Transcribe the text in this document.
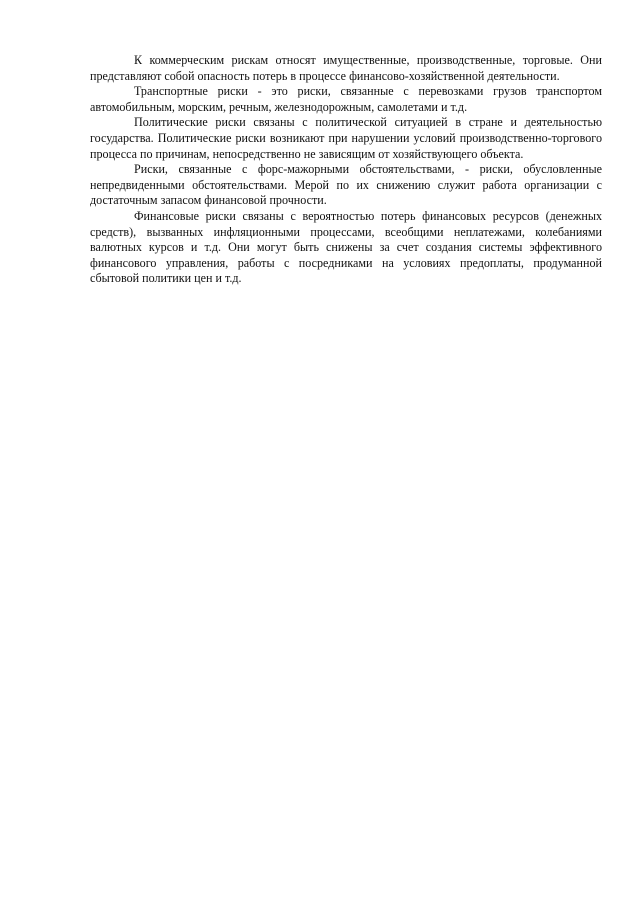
К коммерческим рискам относят имущественные, производственные, торговые. Они представляют собой опасность потерь в процессе финансово-хозяйственной деятельности.

Транспортные риски - это риски, связанные с перевозками грузов транспортом автомобильным, морским, речным, железнодорожным, самолетами и т.д.

Политические риски связаны с политической ситуацией в стране и деятельностью государства. Политические риски возникают при нарушении условий производственно-торгового процесса по причинам, непосредственно не зависящим от хозяйствующего объекта.

Риски, связанные с форс-мажорными обстоятельствами, - риски, обусловленные непредвиденными обстоятельствами. Мерой по их снижению служит работа организации с достаточным запасом финансовой прочности.

Финансовые риски связаны с вероятностью потерь финансовых ресурсов (денежных средств), вызванных инфляционными процессами, всеобщими неплатежами, колебаниями валютных курсов и т.д. Они могут быть снижены за счет создания системы эффективного финансового управления, работы с посредниками на условиях предоплаты, продуманной сбытовой политики цен и т.д.
